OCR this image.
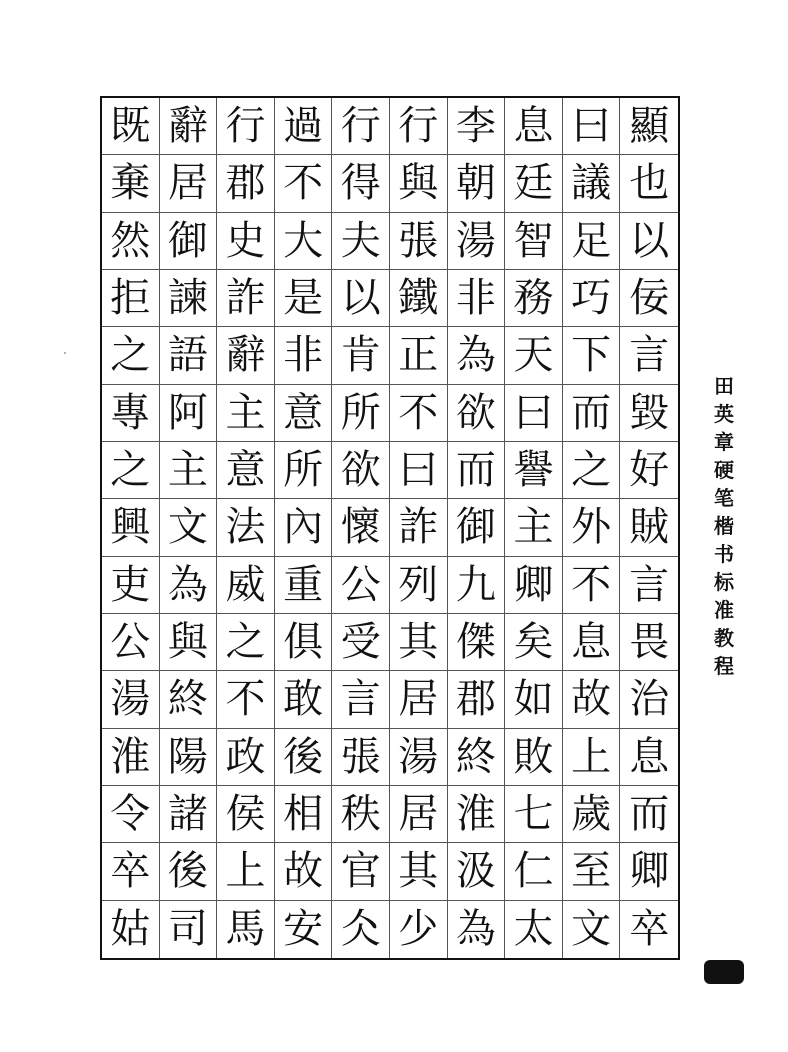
既 辭 行 過 行 行 李 息 曰 顯
棄 居 郡 不 得 與 朝 廷 議 也
然 御 史 大 夫 張 湯 智 足 以
拒 諫 詐 是 以 鐵 非 務 巧 佞
之 語 辭 非 肯 正 為 天 下 言
專 阿 主 意 所 不 欲 曰 而 毀
之 主 意 所 欲 曰 而 譽 之 好
興 文 法 內 懷 詐 御 主 外 賊
吏 為 威 重 公 列 九 卿 不 言
公 與 之 俱 受 其 傑 矣 息 畏
湯 終 不 敢 言 居 郡 如 故 治
淮 陽 政 後 張 湯 終 敗 上 息
令 諸 侯 相 秩 居 淮 七 歲 而
卒 後 上 故 官 其 汲 仁 至 卿
姑 司 馬 安 仌 少 為 太 文 卒
田
英
章
硬
笔
楷
书
标
准
教
程
